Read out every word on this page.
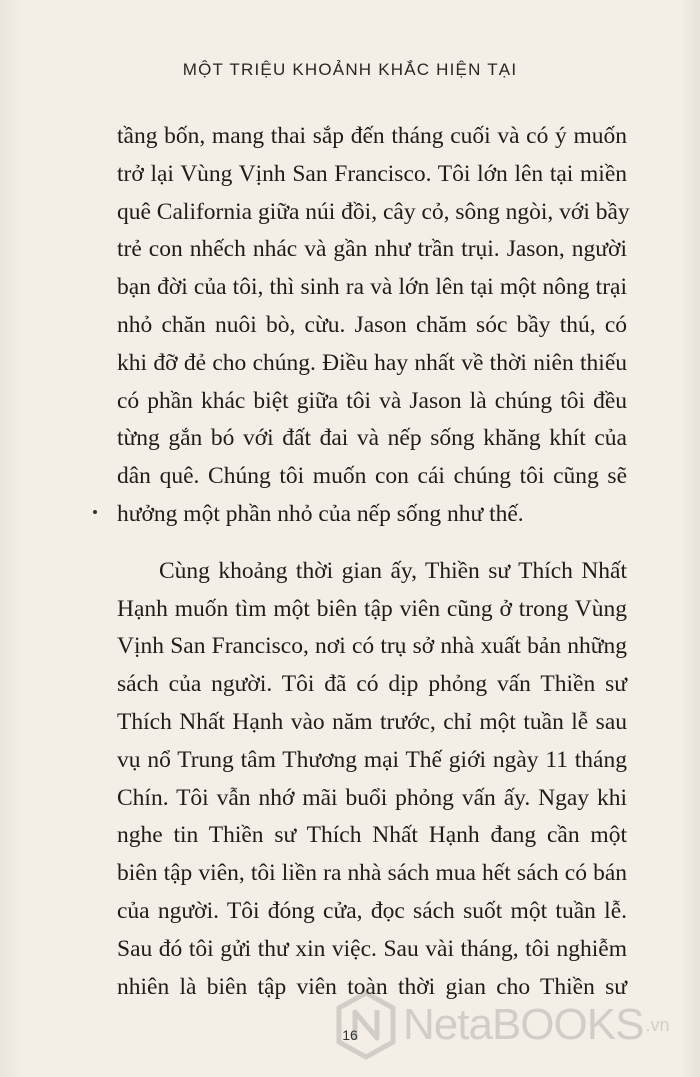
MỘT TRIỆU KHOẢNH KHẮC HIỆN TẠI
tầng bốn, mang thai sắp đến tháng cuối và có ý muốn
trở lại Vùng Vịnh San Francisco. Tôi lớn lên tại miền
quê California giữa núi đồi, cây cỏ, sông ngòi, với bầy
trẻ con nhếch nhác và gần như trần trụi. Jason, người
bạn đời của tôi, thì sinh ra và lớn lên tại một nông trại
nhỏ chăn nuôi bò, cừu. Jason chăm sóc bầy thú, có
khi đỡ đẻ cho chúng. Điều hay nhất về thời niên thiếu
có phần khác biệt giữa tôi và Jason là chúng tôi đều
từng gắn bó với đất đai và nếp sống khăng khít của
dân quê. Chúng tôi muốn con cái chúng tôi cũng sẽ
hưởng một phần nhỏ của nếp sống như thế.
Cùng khoảng thời gian ấy, Thiền sư Thích Nhất
Hạnh muốn tìm một biên tập viên cũng ở trong Vùng
Vịnh San Francisco, nơi có trụ sở nhà xuất bản những
sách của người. Tôi đã có dịp phỏng vấn Thiền sư
Thích Nhất Hạnh vào năm trước, chỉ một tuần lễ sau
vụ nổ Trung tâm Thương mại Thế giới ngày 11 tháng
Chín. Tôi vẫn nhớ mãi buổi phỏng vấn ấy. Ngay khi
nghe tin Thiền sư Thích Nhất Hạnh đang cần một
biên tập viên, tôi liền ra nhà sách mua hết sách có bán
của người. Tôi đóng cửa, đọc sách suốt một tuần lễ.
Sau đó tôi gửi thư xin việc. Sau vài tháng, tôi nghiễm
nhiên là biên tập viên toàn thời gian cho Thiền sư
NetaBOOKS .vn
16
